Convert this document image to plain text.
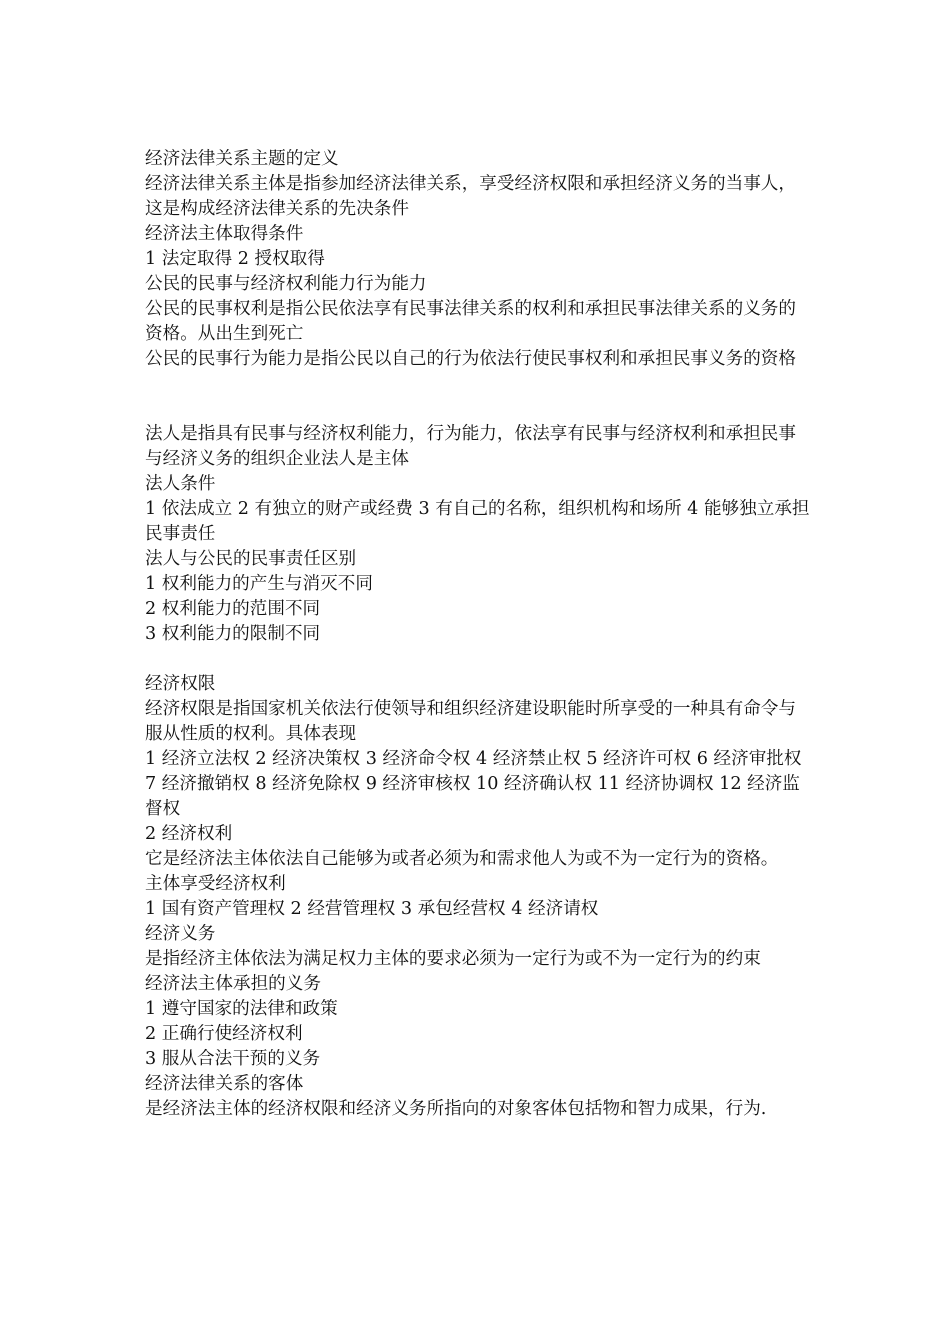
经济法律关系主题的定义

经济法律关系主体是指参加经济法律关系，享受经济权限和承担经济义务的当事人，这是构成经济法律关系的先决条件

经济法主体取得条件

1 法定取得 2 授权取得

公民的民事与经济权利能力行为能力

公民的民事权利是指公民依法享有民事法律关系的权利和承担民事法律关系的义务的资格。从出生到死亡

公民的民事行为能力是指公民以自己的行为依法行使民事权利和承担民事义务的资格

法人是指具有民事与经济权利能力，行为能力，依法享有民事与经济权利和承担民事与经济义务的组织企业法人是主体

法人条件

1 依法成立 2 有独立的财产或经费 3 有自己的名称，组织机构和场所 4 能够独立承担民事责任

法人与公民的民事责任区别

1 权利能力的产生与消灭不同

2 权利能力的范围不同

3 权利能力的限制不同

经济权限

经济权限是指国家机关依法行使领导和组织经济建设职能时所享受的一种具有命令与服从性质的权利。具体表现

1 经济立法权 2 经济决策权 3 经济命令权 4 经济禁止权 5 经济许可权 6 经济审批权 7 经济撤销权 8 经济免除权 9 经济审核权 10 经济确认权 11 经济协调权 12 经济监督权

2 经济权利

它是经济法主体依法自己能够为或者必须为和需求他人为或不为一定行为的资格。

主体享受经济权利

1 国有资产管理权 2 经营管理权 3 承包经营权 4 经济请权

经济义务

是指经济主体依法为满足权力主体的要求必须为一定行为或不为一定行为的约束

经济法主体承担的义务

1 遵守国家的法律和政策

2 正确行使经济权利

3 服从合法干预的义务

经济法律关系的客体

是经济法主体的经济权限和经济义务所指向的对象客体包括物和智力成果，行为.
